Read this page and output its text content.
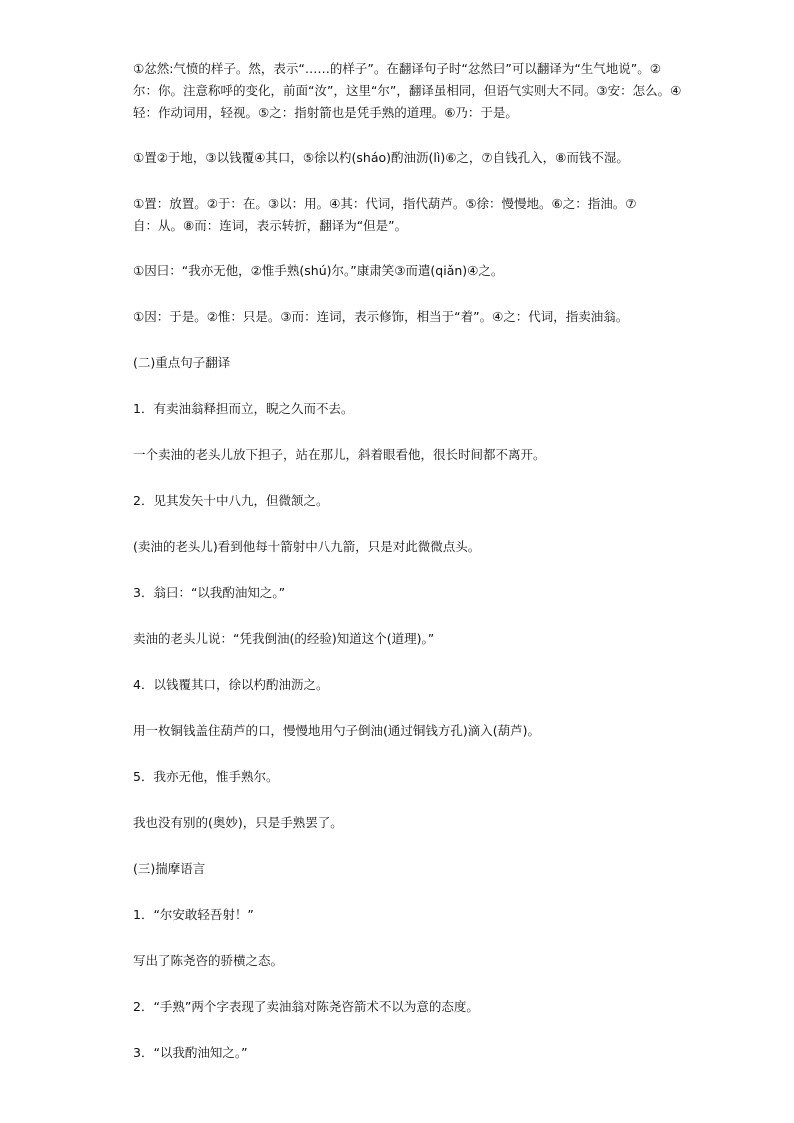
①忿然:气愤的样子。然，表示“……的样子”。在翻译句子时“忿然曰”可以翻译为“生气地说”。②
尔：你。注意称呼的变化，前面“汝”，这里“尔”，翻译虽相同，但语气实则大不同。③安：怎么。④
轻：作动词用，轻视。⑤之：指射箭也是凭手熟的道理。⑥乃：于是。

①置②于地，③以钱覆④其口，⑤徐以杓(sháo)酌油沥(lì)⑥之，⑦自钱孔入，⑧而钱不湿。

①置：放置。②于：在。③以：用。④其：代词，指代葫芦。⑤徐：慢慢地。⑥之：指油。⑦
自：从。⑧而：连词，表示转折，翻译为“但是”。

①因曰：“我亦无他，②惟手熟(shú)尔。”康肃笑③而遣(qiǎn)④之。

①因：于是。②惟：只是。③而：连词，表示修饰，相当于“着”。④之：代词，指卖油翁。

(二)重点句子翻译

1．有卖油翁释担而立，睨之久而不去。

一个卖油的老头儿放下担子，站在那儿，斜着眼看他，很长时间都不离开。

2．见其发矢十中八九，但微颔之。

(卖油的老头儿)看到他每十箭射中八九箭，只是对此微微点头。

3．翁曰：“以我酌油知之。”

卖油的老头儿说：“凭我倒油(的经验)知道这个(道理)。”

4．以钱覆其口，徐以杓酌油沥之。

用一枚铜钱盖住葫芦的口，慢慢地用勺子倒油(通过铜钱方孔)滴入(葫芦)。

5．我亦无他，惟手熟尔。

我也没有别的(奥妙)，只是手熟罢了。

(三)揣摩语言

1．“尔安敢轻吾射！”

写出了陈尧咨的骄横之态。

2．“手熟”两个字表现了卖油翁对陈尧咨箭术不以为意的态度。

3．“以我酌油知之。”
